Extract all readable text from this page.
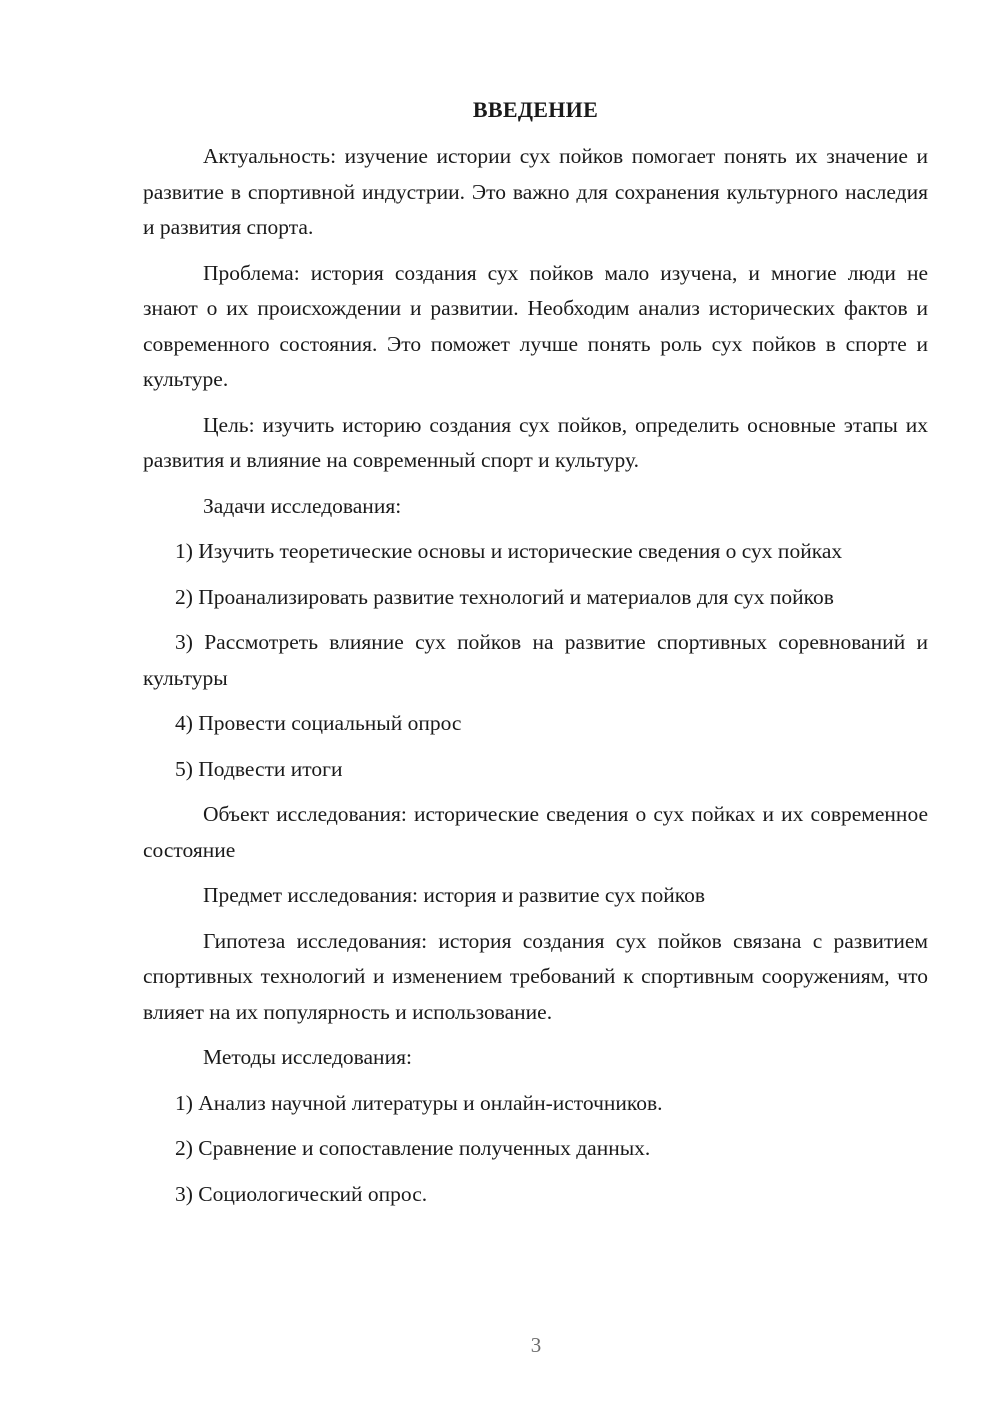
ВВЕДЕНИЕ

Актуальность: изучение истории сух пойков помогает понять их значение и развитие в спортивной индустрии. Это важно для сохранения культурного наследия и развития спорта.

Проблема: история создания сух пойков мало изучена, и многие люди не знают о их происхождении и развитии. Необходим анализ исторических фактов и современного состояния. Это поможет лучше понять роль сух пойков в спорте и культуре.

Цель: изучить историю создания сух пойков, определить основные этапы их развития и влияние на современный спорт и культуру.

Задачи исследования:

1) Изучить теоретические основы и исторические сведения о сух пойках

2) Проанализировать развитие технологий и материалов для сух пойков

3) Рассмотреть влияние сух пойков на развитие спортивных соревнований и культуры

4) Провести социальный опрос

5) Подвести итоги

Объект исследования: исторические сведения о сух пойках и их современное состояние

Предмет исследования: история и развитие сух пойков

Гипотеза исследования: история создания сух пойков связана с развитием спортивных технологий и изменением требований к спортивным сооружениям, что влияет на их популярность и использование.

Методы исследования:

1) Анализ научной литературы и онлайн-источников.

2) Сравнение и сопоставление полученных данных.

3) Социологический опрос.

3
